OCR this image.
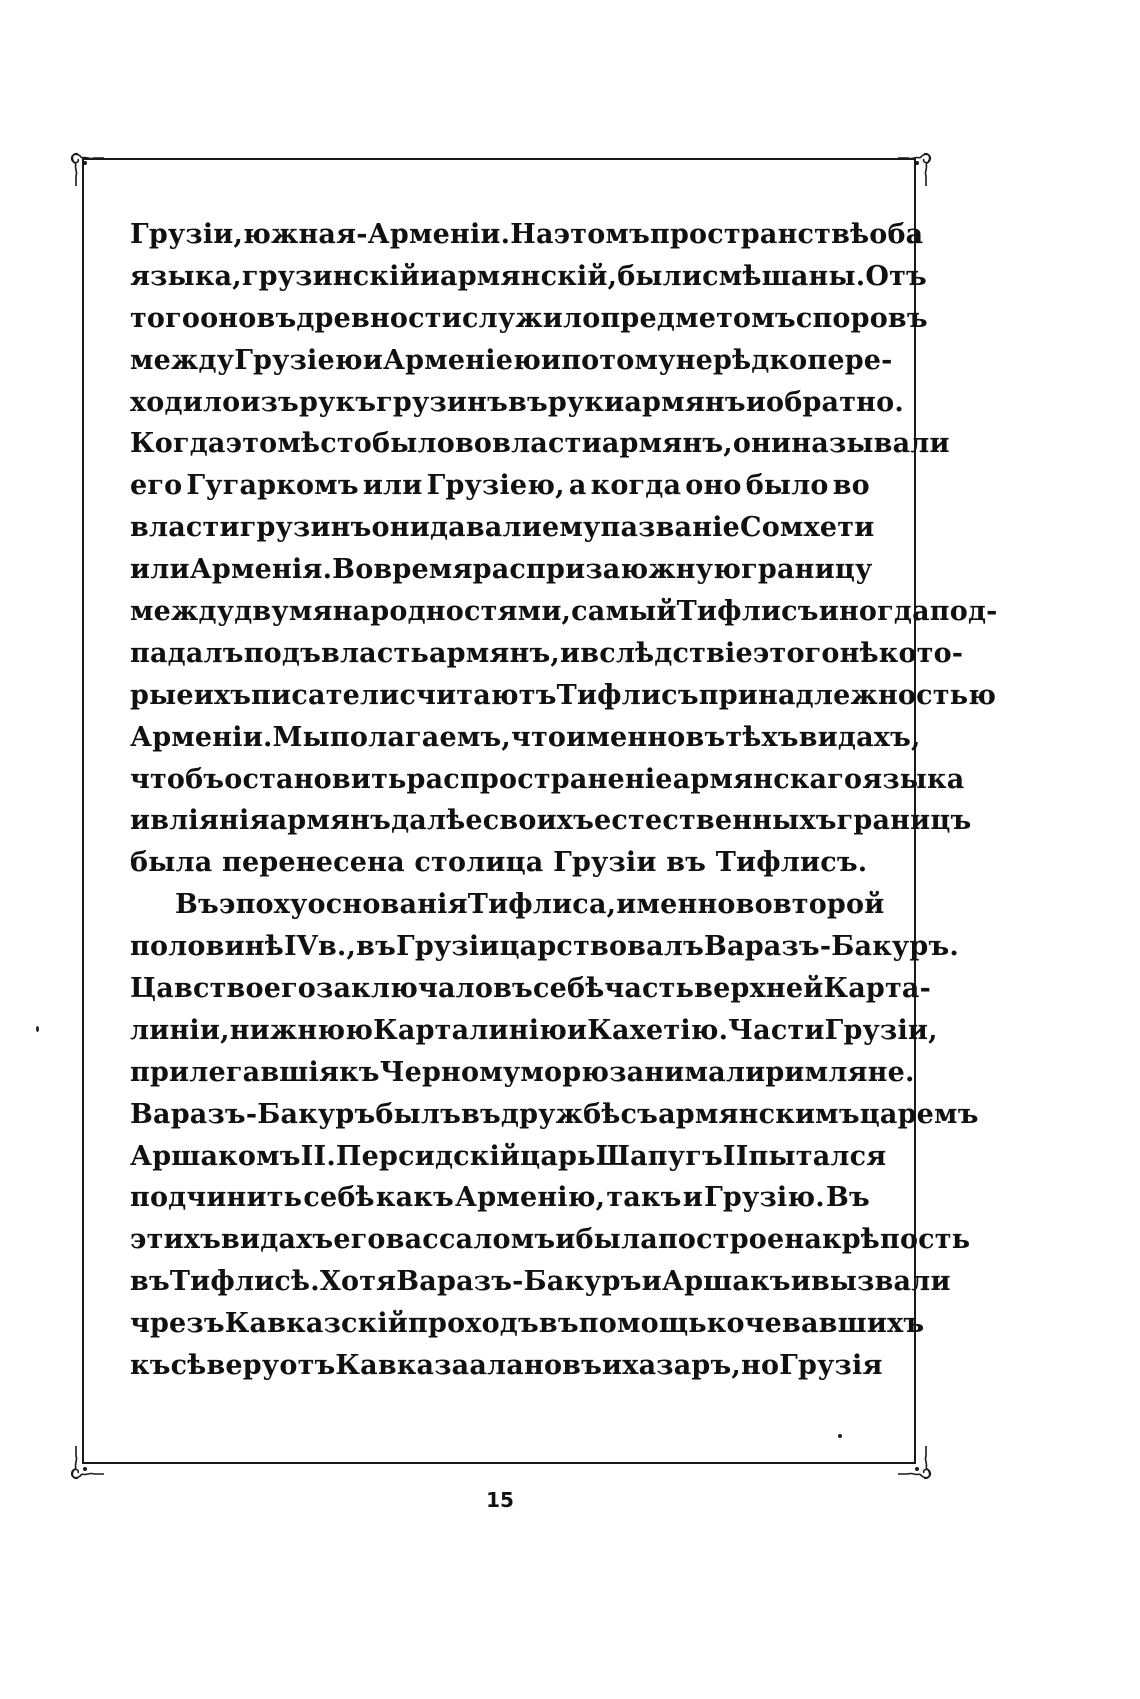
Грузіи, южная-Арменіи. На этомъ пространствѣ оба
языка, грузинскій и армянскій, были смѣшаны. Отъ
того оно въ древности служило предметомъ споровъ
между Грузіею и Арменіею и потому не рѣдко пере-
ходило изъ рукъ грузинъ въ руки армянъ и обратно.
Когда это мѣсто было во власти армянъ, они называли
его Гугаркомъ или Грузіею, а когда оно было во
власти грузинъ они давали ему пазваніе Сомхети
или Арменія. Во время распри за южную границу
между двумя народностями, самый Тифлисъ иногда под-
падалъ подъ власть армянъ, и вслѣдствіе этого нѣкото-
рые ихъ писатели считаютъ Тифлисъ принадлежностью
Арменіи. Мы полагаемъ, что именно въ тѣхъ видахъ,
чтобъ остановить распространеніе армянскаго языка
и вліянія армянъ далѣе своихъ естественныхъ границъ
была перенесена столица Грузіи въ Тифлисъ.
Въ эпоху основанія Тифлиса, именно во второй
половинѣ IV в., въ Грузіи царствовалъ Варазъ-Бакуръ.
Цавство его заключало въ себѣ часть верхней Карта-
линіи, нижнюю Карталинію и Кахетію. Части Грузіи,
прилегавшія къ Черному морю занимали римляне.
Варазъ-Бакуръ былъ въ дружбѣ съ армянскимъ царемъ
Аршакомъ II. Персидскій царь Шапугъ II пытался
подчинить себѣ какъ Арменію, такъ и Грузію. Въ
этихъ видахъ его вассаломъ и была построена крѣпость
въ Тифлисѣ. Хотя Варазъ-Бакуръ и Аршакъ и вызвали
чрезъ Кавказскій проходъ въ помощь кочевавшихъ
къ сѣверу отъ Кавказа алановъ и хазаръ, но Грузія
15
